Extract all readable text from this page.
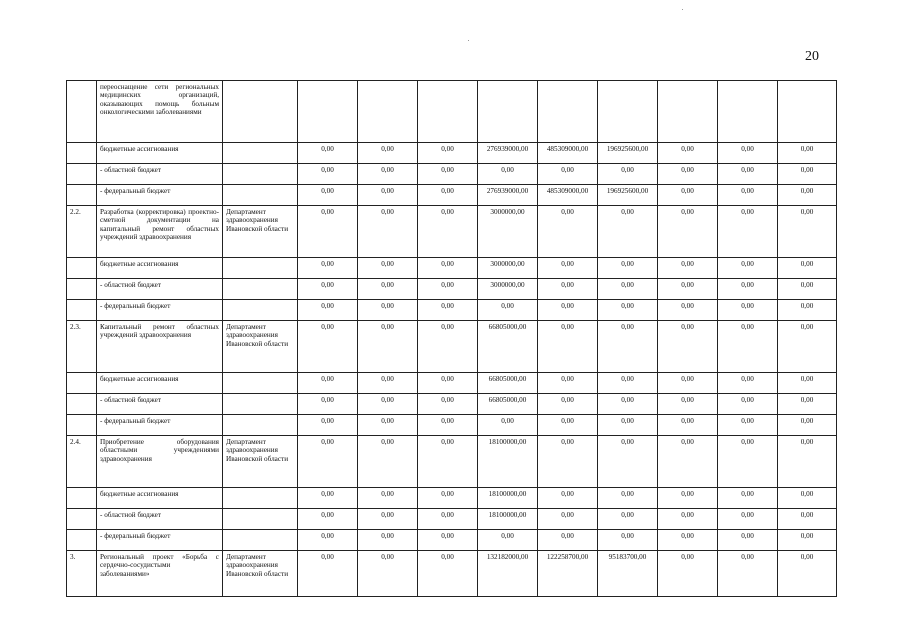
20
	переоснащение сети региональных медицинских организаций, оказывающих помощь больным онкологическими заболеваниями										
	бюджетные ассигнования		0,00	0,00	0,00	276939000,00	485309000,00	196925600,00	0,00	0,00	0,00
	- областной бюджет		0,00	0,00	0,00	0,00	0,00	0,00	0,00	0,00	0,00
	- федеральный бюджет		0,00	0,00	0,00	276939000,00	485309000,00	196925600,00	0,00	0,00	0,00
2.2.	Разработка (корректировка) проектно-сметной документации на капитальный ремонт областных учреждений здравоохранения	Департамент здравоохранения Ивановской области	0,00	0,00	0,00	3000000,00	0,00	0,00	0,00	0,00	0,00
	бюджетные ассигнования		0,00	0,00	0,00	3000000,00	0,00	0,00	0,00	0,00	0,00
	- областной бюджет		0,00	0,00	0,00	3000000,00	0,00	0,00	0,00	0,00	0,00
	- федеральный бюджет		0,00	0,00	0,00	0,00	0,00	0,00	0,00	0,00	0,00
2.3.	Капитальный ремонт областных учреждений здравоохранения	Департамент здравоохранения Ивановской области	0,00	0,00	0,00	66805000,00	0,00	0,00	0,00	0,00	0,00
	бюджетные ассигнования		0,00	0,00	0,00	66805000,00	0,00	0,00	0,00	0,00	0,00
	- областной бюджет		0,00	0,00	0,00	66805000,00	0,00	0,00	0,00	0,00	0,00
	- федеральный бюджет		0,00	0,00	0,00	0,00	0,00	0,00	0,00	0,00	0,00
2.4.	Приобретение оборудования областными учреждениями здравоохранения	Департамент здравоохранения Ивановской области	0,00	0,00	0,00	18100000,00	0,00	0,00	0,00	0,00	0,00
	бюджетные ассигнования		0,00	0,00	0,00	18100000,00	0,00	0,00	0,00	0,00	0,00
	- областной бюджет		0,00	0,00	0,00	18100000,00	0,00	0,00	0,00	0,00	0,00
	- федеральный бюджет		0,00	0,00	0,00	0,00	0,00	0,00	0,00	0,00	0,00
3.	Региональный проект «Борьба с сердечно-сосудистыми заболеваниями»	Департамент здравоохранения Ивановской области	0,00	0,00	0,00	132182000,00	122258700,00	95183700,00	0,00	0,00	0,00
